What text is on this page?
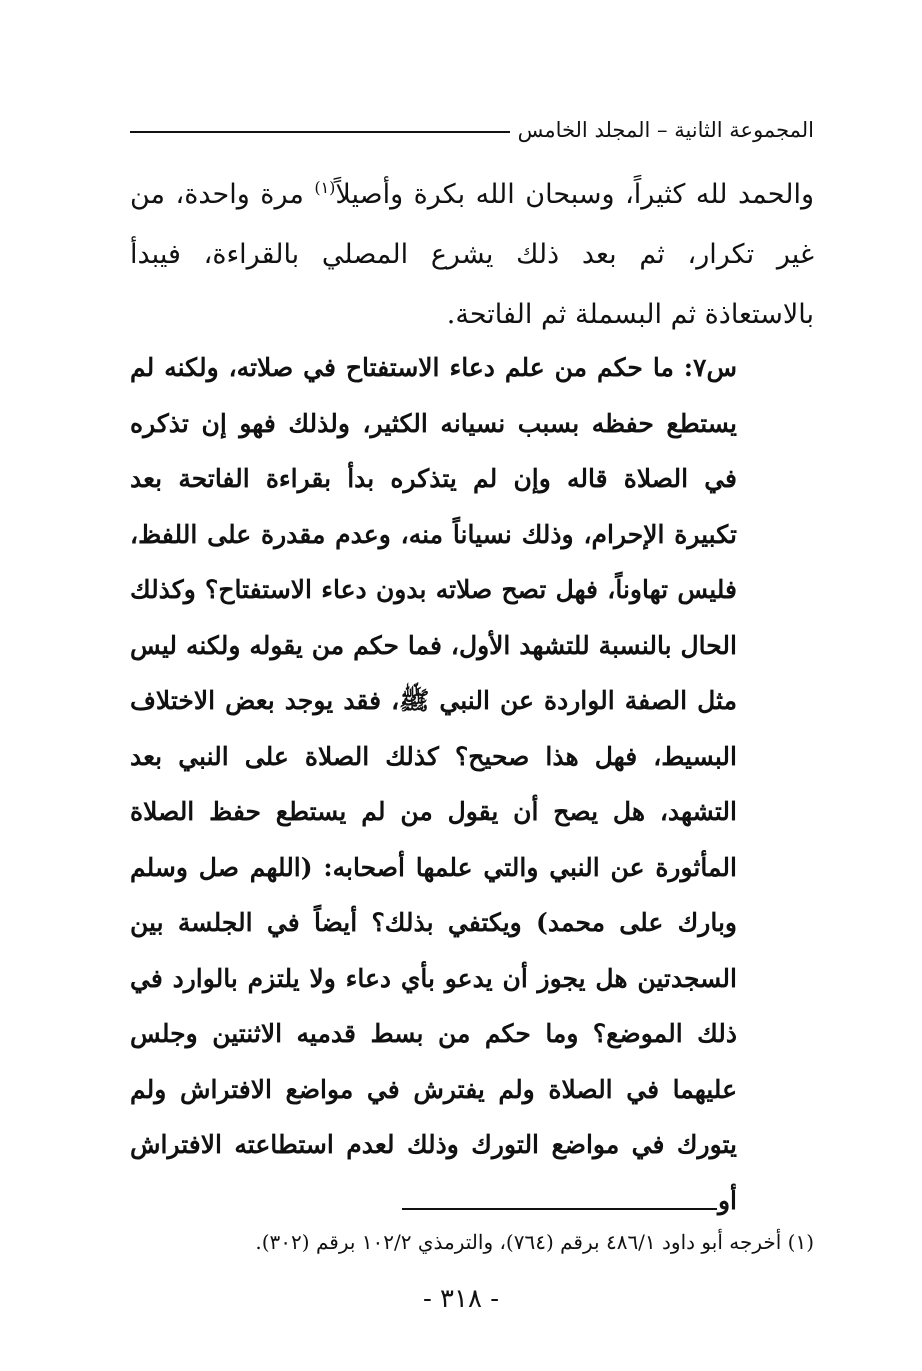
المجموعة الثانية – المجلد الخامس
والحمد لله كثيراً، وسبحان الله بكرة وأصيلاً$^{(١)}$ مرة واحدة، من غير تكرار، ثم بعد ذلك يشرع المصلي بالقراءة، فيبدأ بالاستعاذة ثم البسملة ثم الفاتحة.
س٧: ما حكم من علم دعاء الاستفتاح في صلاته، ولكنه لم يستطع حفظه بسبب نسيانه الكثير، ولذلك فهو إن تذكره في الصلاة قاله وإن لم يتذكره بدأ بقراءة الفاتحة بعد تكبيرة الإحرام، وذلك نسياناً منه، وعدم مقدرة على اللفظ، فليس تهاوناً، فهل تصح صلاته بدون دعاء الاستفتاح؟ وكذلك الحال بالنسبة للتشهد الأول، فما حكم من يقوله ولكنه ليس مثل الصفة الواردة عن النبي ﷺ، فقد يوجد بعض الاختلاف البسيط، فهل هذا صحيح؟ كذلك الصلاة على النبي بعد التشهد، هل يصح أن يقول من لم يستطع حفظ الصلاة المأثورة عن النبي والتي علمها أصحابه: (اللهم صل وسلم وبارك على محمد) ويكتفي بذلك؟ أيضاً في الجلسة بين السجدتين هل يجوز أن يدعو بأي دعاء ولا يلتزم بالوارد في ذلك الموضع؟ وما حكم من بسط قدميه الاثنتين وجلس عليهما في الصلاة ولم يفترش في مواضع الافتراش ولم يتورك في مواضع التورك وذلك لعدم استطاعته الافتراش أو
(١) أخرجه أبو داود ٤٨٦/١ برقم (٧٦٤)، والترمذي ١٠٢/٢ برقم (٣٠٢).
- ٣١٨ -
